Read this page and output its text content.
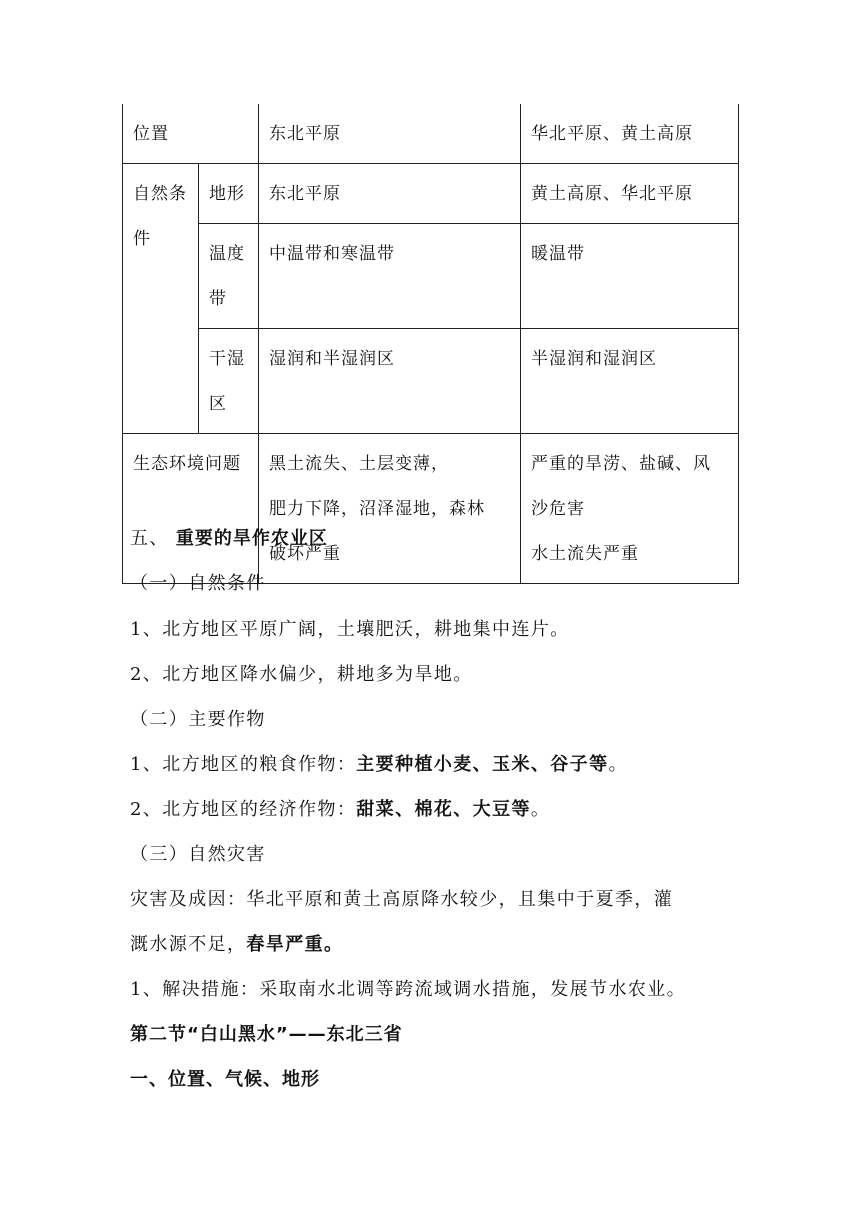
位置		东北平原	华北平原、黄土高原
自然条件	地形	东北平原	黄土高原、华北平原
	温度带	中温带和寒温带	暖温带
	干湿区	湿润和半湿润区	半湿润和湿润区
生态环境问题		黑土流失、土层变薄，
肥力下降，沼泽湿地，森林
破坏严重	严重的旱涝、盐碱、风
沙危害
水土流失严重
五、 重要的旱作农业区
（一）自然条件
1、北方地区平原广阔，土壤肥沃，耕地集中连片。
2、北方地区降水偏少，耕地多为旱地。
（二）主要作物
1、北方地区的粮食作物：主要种植小麦、玉米、谷子等。
2、北方地区的经济作物：甜菜、棉花、大豆等。
（三）自然灾害
灾害及成因：华北平原和黄土高原降水较少，且集中于夏季，灌
溉水源不足，春旱严重。
1、解决措施：采取南水北调等跨流域调水措施，发展节水农业。
第二节“白山黑水”——东北三省
一、位置、气候、地形
